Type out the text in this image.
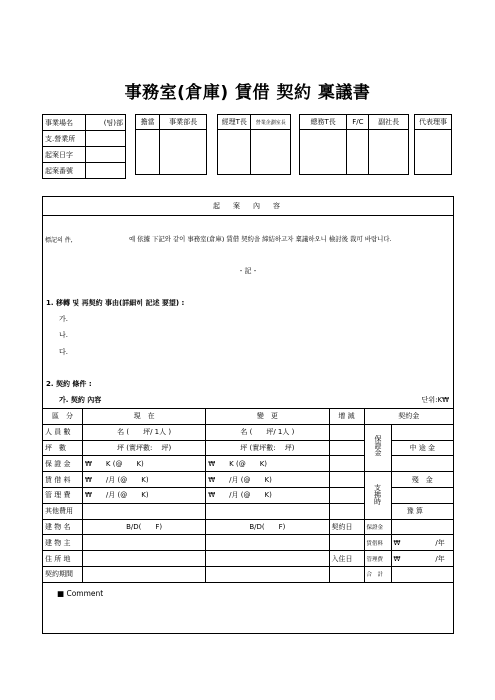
事務室(倉庫) 賃借 契約 稟議書
事業場名	(팀)部
支.營業所	
起案日字	
起案番號	
擔當	事業部長
		經理T長	營業企劃室長
		總務T長	F/C	副社長
			代表理事

起　案　內　容
標記의 件,	예 依據 下記와 같이 事務室(倉庫) 賃借 契約을 締結하고자 稟議하오니 檢討後 裁可 바랍니다.
- 記 -
1. 移轉 및 再契約 事由(詳細히 記述 要望) :
가.
나.
다.
2. 契約 條件 :
가. 契約 內容	단위:K₩
區　分	現　在	變　更	增 減	契約金	
人 員 數	名 (　　坪/ 1人 )	名 (　　坪/ 1人 )		保證金	
坪　數	坪 (實坪數:　 坪)	坪 (實坪數:　 坪)			中 途 金
保 證 金	₩　　K (@　　K)	₩　　K (@　　K)			
賃 借 料	₩　　/月 (@　　K)	₩　　/月 (@　　K)		支拂時	殘　金
管 理 費	₩　　/月 (@　　K)	₩　　/月 (@　　K)			
其他費用					豫 算
建 物 名	B/D(　　F)	B/D(　　F)	契約日	保證金	
建 物 主				賃借料	₩　　　　　/年
住 所 地			入住日	管理費	₩　　　　　/年
契約期間				合　計	
■ Comment
